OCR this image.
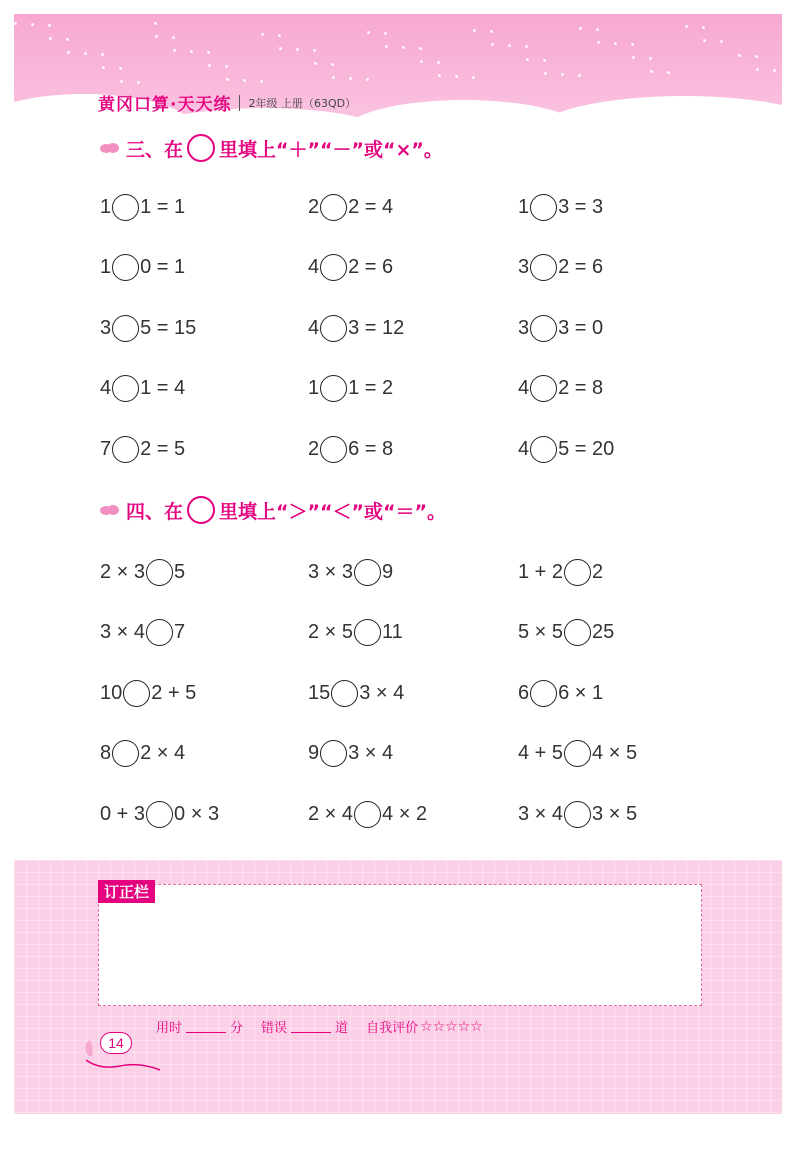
黄冈口算·天天练 2年级 上册（63QD）
三、在 里填上“＋”“－”或“×”。
1 1 = 1	2 2 = 4	1 3 = 3
1 0 = 1	4 2 = 6	3 2 = 6
3 5 = 15	4 3 = 12	3 3 = 0
4 1 = 4	1 1 = 2	4 2 = 8
7 2 = 5	2 6 = 8	4 5 = 20
四、在 里填上“＞”“＜”或“＝”。
2 × 3 5	3 × 3 9	1 + 2 2
3 × 4 7	2 × 5 11	5 × 5 25
10 2 + 5	15 3 × 4	6 6 × 1
8 2 × 4	9 3 × 4	4 + 5 4 × 5
0 + 3 0 × 3	2 × 4 4 × 2	3 × 4 3 × 5
订正栏
用时	分 错误	道 自我评价 ☆☆☆☆☆
14
